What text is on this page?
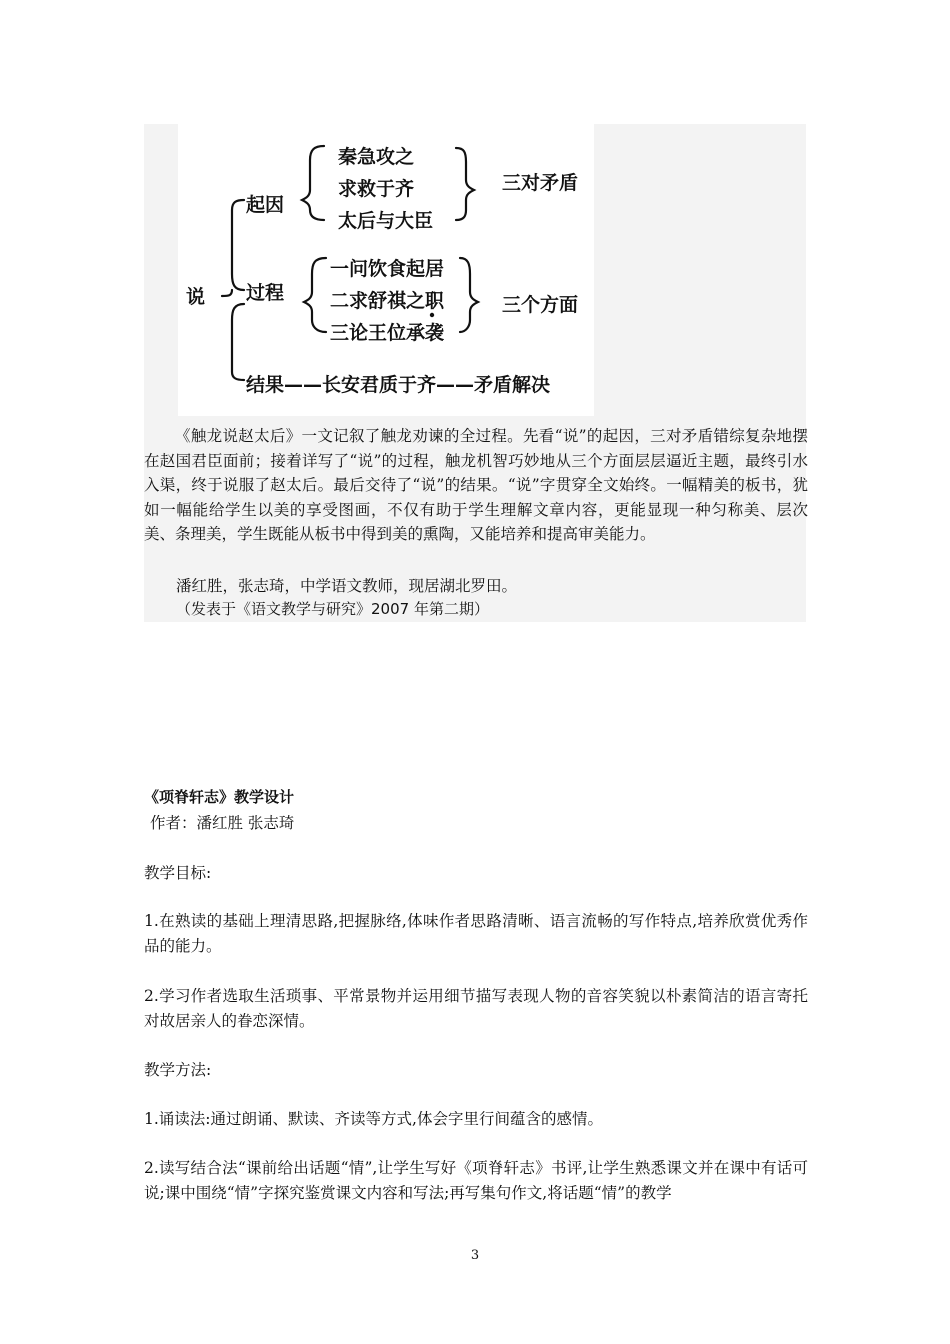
说
起因
秦急攻之
求救于齐
太后与大臣
三对矛盾
过程
一问饮食起居
二求舒祺之职
三论王位承袭
三个方面
结果——长安君质于齐——矛盾解决

《触龙说赵太后》一文记叙了触龙劝谏的全过程。先看“说”的起因，三对矛盾错综复杂地摆在赵国君臣面前；接着详写了“说”的过程，触龙机智巧妙地从三个方面层层逼近主题，最终引水入渠，终于说服了赵太后。最后交待了“说”的结果。“说”字贯穿全文始终。一幅精美的板书，犹如一幅能给学生以美的享受图画，不仅有助于学生理解文章内容，更能显现一种匀称美、层次美、条理美，学生既能从板书中得到美的熏陶，又能培养和提高审美能力。

潘红胜，张志琦，中学语文教师，现居湖北罗田。

（发表于《语文教学与研究》2007 年第二期）

《项脊轩志》教学设计

作者：潘红胜 张志琦

教学目标:

1.在熟读的基础上理清思路,把握脉络,体味作者思路清晰、语言流畅的写作特点,培养欣赏优秀作品的能力。

2.学习作者选取生活琐事、平常景物并运用细节描写表现人物的音容笑貌以朴素简洁的语言寄托对故居亲人的眷恋深情。

教学方法:

1.诵读法:通过朗诵、默读、齐读等方式,体会字里行间蕴含的感情。

2.读写结合法“课前给出话题“情”,让学生写好《项脊轩志》书评,让学生熟悉课文并在课中有话可说;课中围绕“情”字探究鉴赏课文内容和写法;再写集句作文,将话题“情”的教学

3
